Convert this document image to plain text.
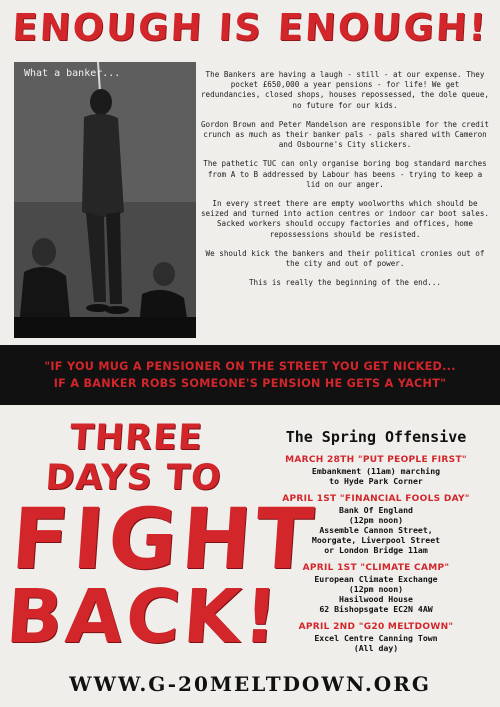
ENOUGH IS ENOUGH!
What a banker...	The Bankers are having a laugh - still - at our expense. They pocket £650,000 a year pensions - for life! We get redundancies, closed shops, houses repossessed, the dole queue, no future for our kids.

Gordon Brown and Peter Mandelson are responsible for the credit crunch as much as their banker pals - pals shared with Cameron and Osbourne's City slickers.

The pathetic TUC can only organise boring bog standard marches from A to B addressed by Labour has beens - trying to keep a lid on our anger.

In every street there are empty woolworths which should be seized and turned into action centres or indoor car boot sales. Sacked workers should occupy factories and offices, home repossessions should be resisted.

We should kick the bankers and their political cronies out of the city and out of power.

This is really the beginning of the end...

"IF YOU MUG A PENSIONER ON THE STREET YOU GET NICKED...
IF A BANKER ROBS SOMEONE'S PENSION HE GETS A YACHT"
THREE DAYS TO
FIGHT
BACK!
The Spring Offensive
MARCH 28TH "PUT PEOPLE FIRST"
Embankment (11am) marching
to Hyde Park Corner
APRIL 1ST "FINANCIAL FOOLS DAY"
Bank Of England
(12pm noon)
Assemble Cannon Street,
Moorgate, Liverpool Street
or London Bridge 11am
APRIL 1ST "CLIMATE CAMP"
European Climate Exchange
(12pm noon)
Hasilwood House
62 Bishopsgate EC2N 4AW
APRIL 2ND "G20 MELTDOWN"
Excel Centre Canning Town
(All day)
WWW.G-20MELTDOWN.ORG
